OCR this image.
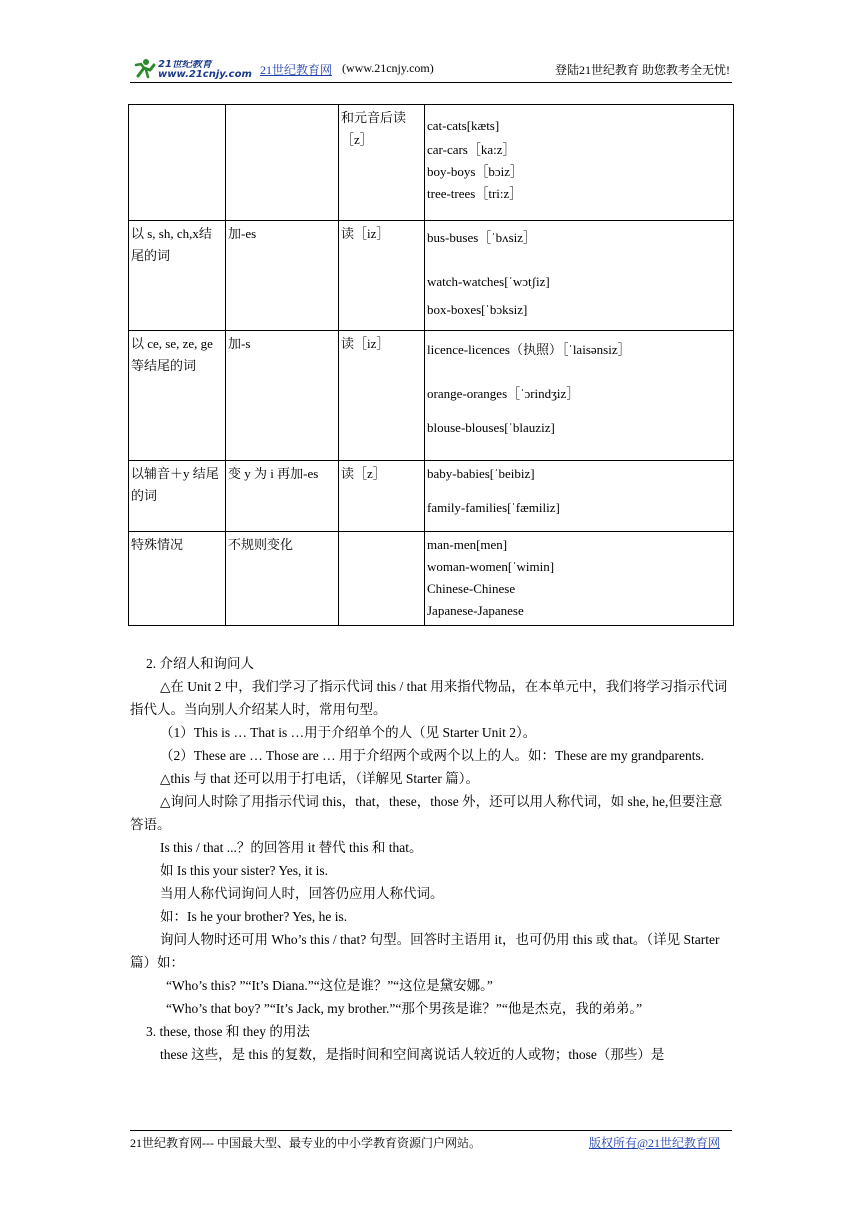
21世纪教育 www.21cnjy.com 21世纪教育网 (www.21cnjy.com)	登陆21世纪教育 助您教考全无忧!
		和元音后读［z］	cat-cats[kæts]
car-cars［ka:z］
boy-boys［bɔiz］
tree-trees［tri:z］

以 s, sh, ch,x结尾的词	加-es	读［iz］	bus-buses［ˈbʌsiz］
watch-watches[ˈwɔtʃiz]
box-boxes[ˈbɔksiz]

以 ce, se, ze, ge等结尾的词	加-s	读［iz］	licence-licences（执照）［ˈlaisənsiz］
orange-oranges［ˈɔrindʒiz］
blouse-blouses[ˈblauziz]

以辅音＋y 结尾的词	变 y 为 i 再加-es	读［z］	baby-babies[ˈbeibiz]
family-families[ˈfæmiliz]

特殊情况	不规则变化		man-men[men]
woman-women[ˈwimin]
Chinese-Chinese
Japanese-Japanese

2. 介绍人和询问人

△在 Unit 2 中，我们学习了指示代词 this / that 用来指代物品，在本单元中，我们将学习指示代词指代人。当向别人介绍某人时，常用句型。

（1）This is … That is …用于介绍单个的人（见 Starter Unit 2）。

（2）These are … Those are … 用于介绍两个或两个以上的人。如：These are my grandparents.

△this 与 that 还可以用于打电话，（详解见 Starter 篇）。

△询问人时除了用指示代词 this，that，these，those 外，还可以用人称代词，如 she, he,但要注意答语。

Is this / that ...？的回答用 it 替代 this 和 that。

如 Is this your sister? Yes, it is.

当用人称代词询问人时，回答仍应用人称代词。

如：Is he your brother? Yes, he is.

询问人物时还可用 Who’s this / that? 句型。回答时主语用 it，也可仍用 this 或 that。（详见 Starter 篇）如：

“Who’s this? ”“It’s Diana.”“这位是谁？”“这位是黛安娜。”

“Who’s that boy? ”“It’s Jack, my brother.”“那个男孩是谁？”“他是杰克，我的弟弟。”

3. these, those 和 they 的用法

these 这些，是 this 的复数，是指时间和空间离说话人较近的人或物；those（那些）是

21世纪教育网--- 中国最大型、最专业的中小学教育资源门户网站。	版权所有@21世纪教育网
